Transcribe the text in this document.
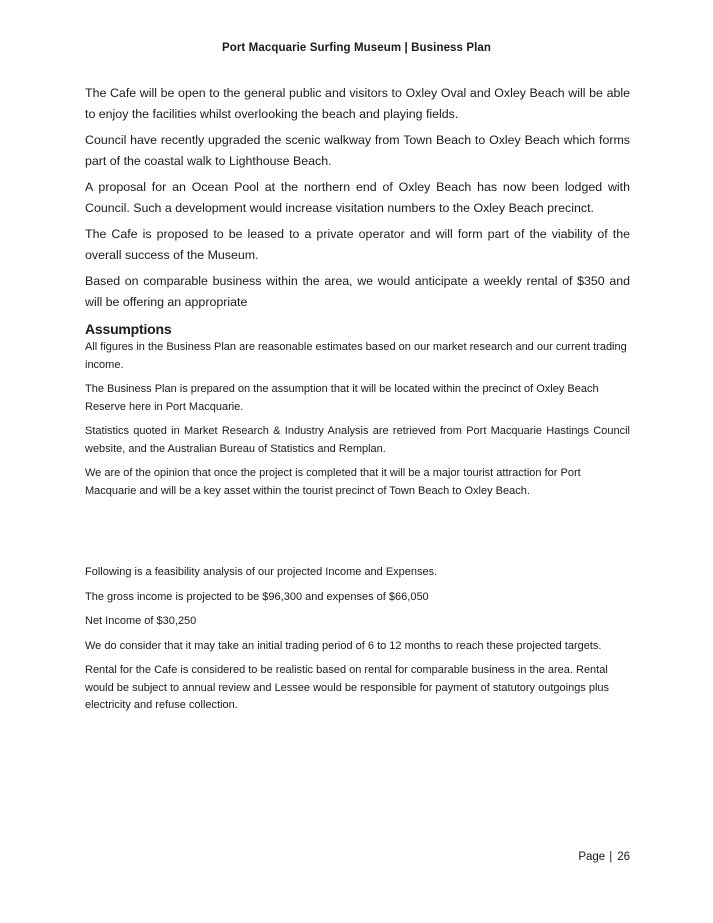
Port Macquarie Surfing Museum | Business Plan

The Cafe will be open to the general public and visitors to Oxley Oval and Oxley Beach will be able to enjoy the facilities whilst overlooking the beach and playing fields.

Council have recently upgraded the scenic walkway from Town Beach to Oxley Beach which forms part of the coastal walk to Lighthouse Beach.

A proposal for an Ocean Pool at the northern end of Oxley Beach has now been lodged with Council. Such a development would increase visitation numbers to the Oxley Beach precinct.

The Cafe is proposed to be leased to a private operator and will form part of the viability of the overall success of the Museum.

Based on comparable business within the area, we would anticipate a weekly rental of $350 and will be offering an appropriate

Assumptions

All figures in the Business Plan are reasonable estimates based on our market research and our current trading income.

The Business Plan is prepared on the assumption that it will be located within the precinct of Oxley Beach Reserve here in Port Macquarie.

Statistics quoted in Market Research & Industry Analysis are retrieved from Port Macquarie Hastings Council website, and the Australian Bureau of Statistics and Remplan.

We are of the opinion that once the project is completed that it will be a major tourist attraction for Port Macquarie and will be a key asset within the tourist precinct of Town Beach to Oxley Beach.

Following is a feasibility analysis of our projected Income and Expenses.

The gross income is projected to be $96,300 and expenses of $66,050

Net Income of $30,250

We do consider that it may take an initial trading period of 6 to 12 months to reach these projected targets.

Rental for the Cafe is considered to be realistic based on rental for comparable business in the area. Rental would be subject to annual review and Lessee would be responsible for payment of statutory outgoings plus electricity and refuse collection.

Page | 26
